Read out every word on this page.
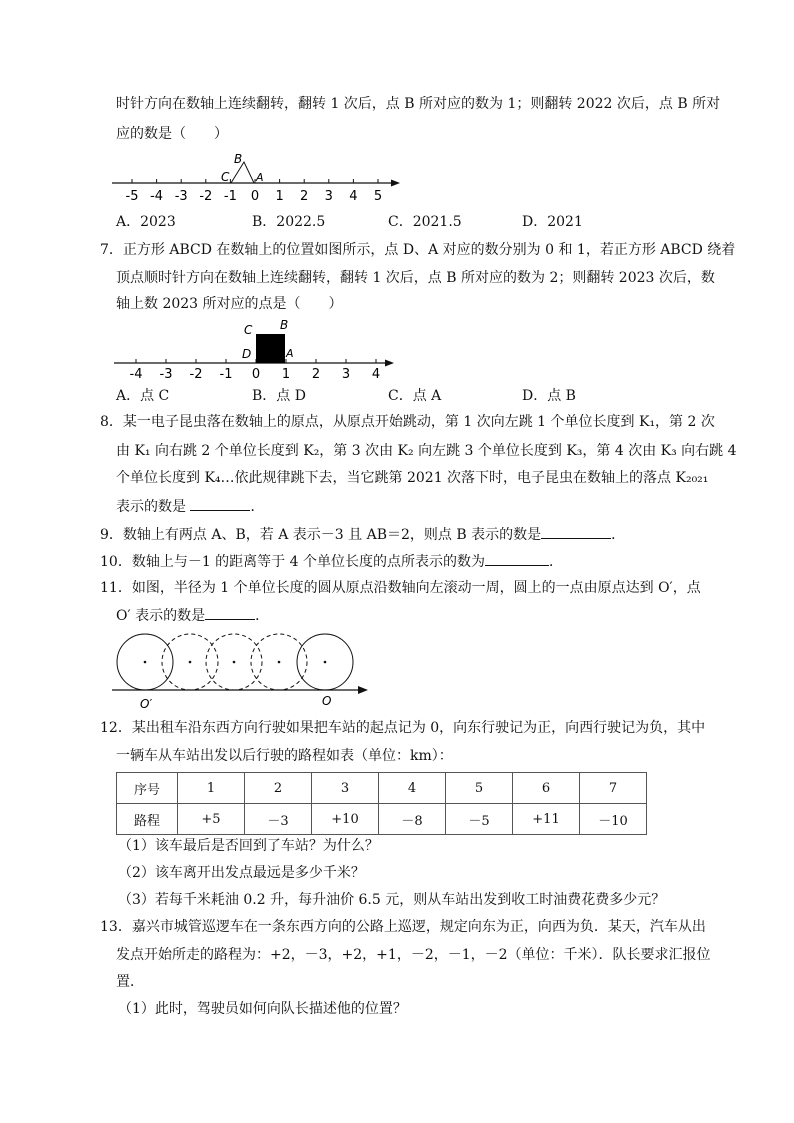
时针方向在数轴上连续翻转，翻转 1 次后，点 B 所对应的数为 1；则翻转 2022 次后，点 B 所对
应的数是（　　）
-5 -4 -3 -2 -1 0 1 2 3 4 5
B
C A
A．2023	B．2022.5	C．2021.5	D．2021
7．正方形 ABCD 在数轴上的位置如图所示，点 D、A 对应的数分别为 0 和 1，若正方形 ABCD 绕着
顶点顺时针方向在数轴上连续翻转，翻转 1 次后，点 B 所对应的数为 2；则翻转 2023 次后，数
轴上数 2023 所对应的点是（　　）
-4 -3 -2 -1 0 1 2 3 4
C B
D	A
A．点 C	B．点 D	C．点 A	D．点 B
8．某一电子昆虫落在数轴上的原点，从原点开始跳动，第 1 次向左跳 1 个单位长度到 K₁，第 2 次
由 K₁ 向右跳 2 个单位长度到 K₂，第 3 次由 K₂ 向左跳 3 个单位长度到 K₃，第 4 次由 K₃ 向右跳 4
个单位长度到 K₄…依此规律跳下去，当它跳第 2021 次落下时，电子昆虫在数轴上的落点 K₂₀₂₁
表示的数是	．
9．数轴上有两点 A、B，若 A 表示－3 且 AB＝2，则点 B 表示的数是	．
10．数轴上与－1 的距离等于 4 个单位长度的点所表示的数为	．
11．如图，半径为 1 个单位长度的圆从原点沿数轴向左滚动一周，圆上的一点由原点达到 O′，点
O′ 表示的数是	．
O′	O
12．某出租车沿东西方向行驶如果把车站的起点记为 0，向东行驶记为正，向西行驶记为负，其中
一辆车从车站出发以后行驶的路程如表（单位：km）：
序号	1	2	3	4	5	6	7
路程	+5	－3	+10	－8	－5	+11	－10
（1）该车最后是否回到了车站？为什么？
（2）该车离开出发点最远是多少千米？
（3）若每千米耗油 0.2 升，每升油价 6.5 元，则从车站出发到收工时油费花费多少元？
13．嘉兴市城管巡逻车在一条东西方向的公路上巡逻，规定向东为正，向西为负．某天，汽车从出
发点开始所走的路程为：+2，－3，+2，+1，－2，－1，－2（单位：千米）．队长要求汇报位
置．
（1）此时，驾驶员如何向队长描述他的位置？
